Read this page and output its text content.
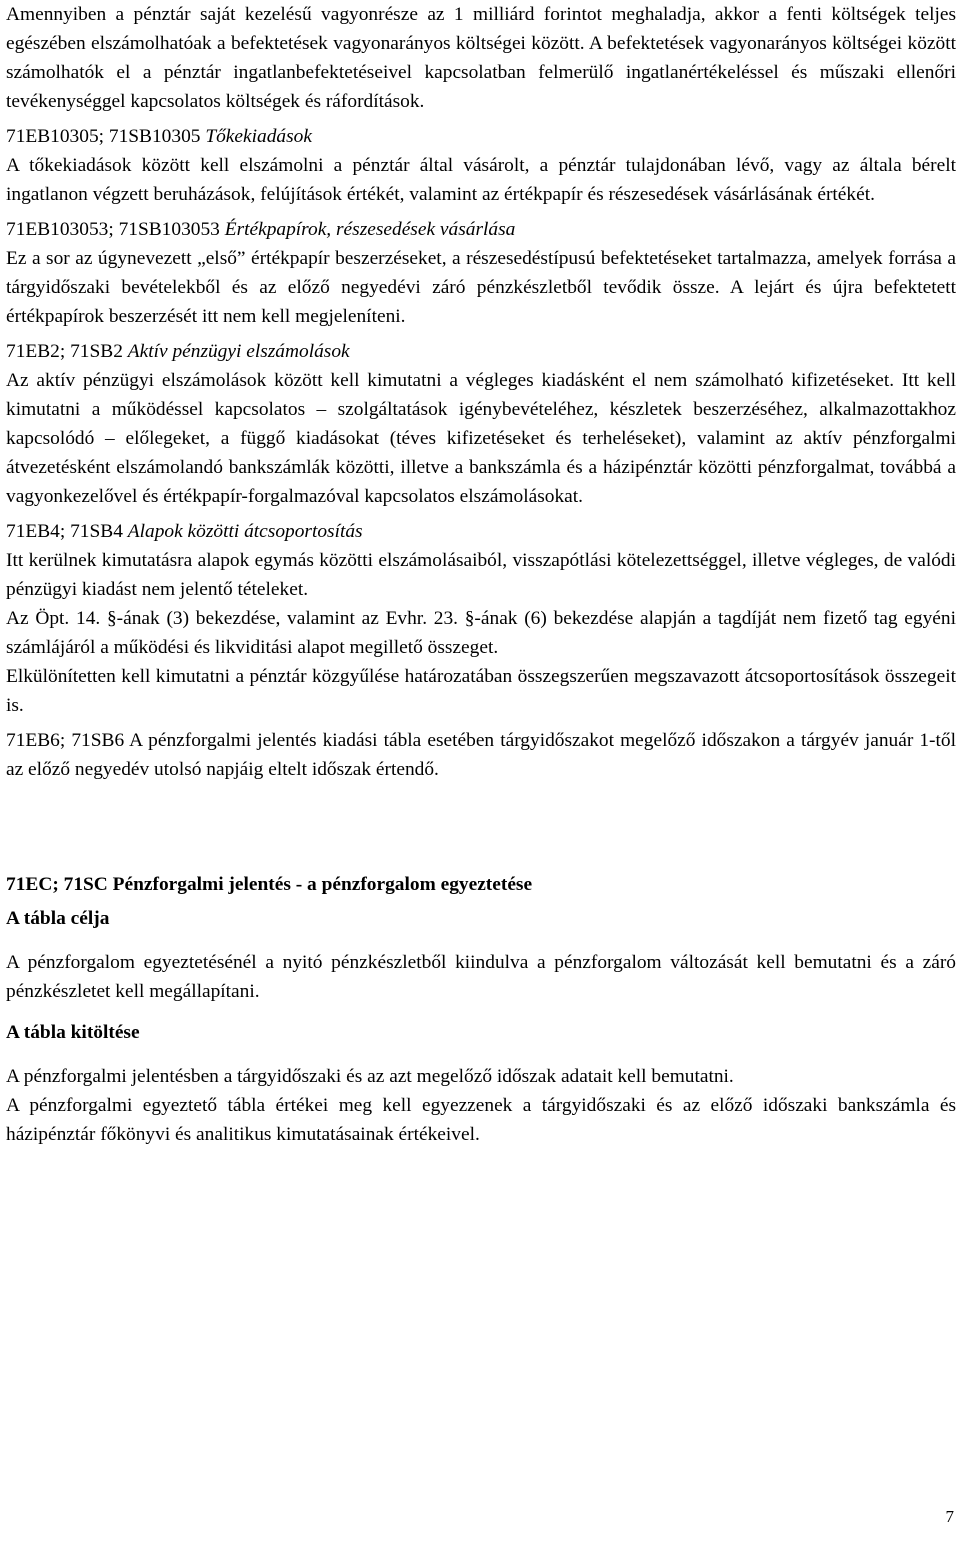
Amennyiben a pénztár saját kezelésű vagyonrésze az 1 milliárd forintot meghaladja, akkor a fenti költségek teljes egészében elszámolhatóak a befektetések vagyonarányos költségei között. A befektetések vagyonarányos költségei között számolhatók el a pénztár ingatlanbefektetéseivel kapcsolatban felmerülő ingatlanértékeléssel és műszaki ellenőri tevékenységgel kapcsolatos költségek és ráfordítások.

71EB10305; 71SB10305 Tőkekiadások

A tőkekiadások között kell elszámolni a pénztár által vásárolt, a pénztár tulajdonában lévő, vagy az általa bérelt ingatlanon végzett beruházások, felújítások értékét, valamint az értékpapír és részesedések vásárlásának értékét.

71EB103053; 71SB103053 Értékpapírok, részesedések vásárlása

Ez a sor az úgynevezett „első” értékpapír beszerzéseket, a részesedéstípusú befektetéseket tartalmazza, amelyek forrása a tárgyidőszaki bevételekből és az előző negyedévi záró pénzkészletből tevődik össze. A lejárt és újra befektetett értékpapírok beszerzését itt nem kell megjeleníteni.

71EB2; 71SB2 Aktív pénzügyi elszámolások

Az aktív pénzügyi elszámolások között kell kimutatni a végleges kiadásként el nem számolható kifizetéseket. Itt kell kimutatni a működéssel kapcsolatos – szolgáltatások igénybevételéhez, készletek beszerzéséhez, alkalmazottakhoz kapcsolódó – előlegeket, a függő kiadásokat (téves kifizetéseket és terheléseket), valamint az aktív pénzforgalmi átvezetésként elszámolandó bankszámlák közötti, illetve a bankszámla és a házipénztár közötti pénzforgalmat, továbbá a vagyonkezelővel és értékpapír-forgalmazóval kapcsolatos elszámolásokat.

71EB4; 71SB4 Alapok közötti átcsoportosítás

Itt kerülnek kimutatásra alapok egymás közötti elszámolásaiból, visszapótlási kötelezettséggel, illetve végleges, de valódi pénzügyi kiadást nem jelentő tételeket.

Az Öpt. 14. §-ának (3) bekezdése, valamint az Evhr. 23. §-ának (6) bekezdése alapján a tagdíját nem fizető tag egyéni számlájáról a működési és likviditási alapot megillető összeget.

Elkülönítetten kell kimutatni a pénztár közgyűlése határozatában összegszerűen megszavazott átcsoportosítások összegeit is.

71EB6; 71SB6 A pénzforgalmi jelentés kiadási tábla esetében tárgyidőszakot megelőző időszakon a tárgyév január 1-től az előző negyedév utolsó napjáig eltelt időszak értendő.

71EC; 71SC Pénzforgalmi jelentés - a pénzforgalom egyeztetése

A tábla célja

A pénzforgalom egyeztetésénél a nyitó pénzkészletből kiindulva a pénzforgalom változását kell bemutatni és a záró pénzkészletet kell megállapítani.

A tábla kitöltése

A pénzforgalmi jelentésben a tárgyidőszaki és az azt megelőző időszak adatait kell bemutatni.

A pénzforgalmi egyeztető tábla értékei meg kell egyezzenek a tárgyidőszaki és az előző időszaki bankszámla és házipénztár főkönyvi és analitikus kimutatásainak értékeivel.

7
